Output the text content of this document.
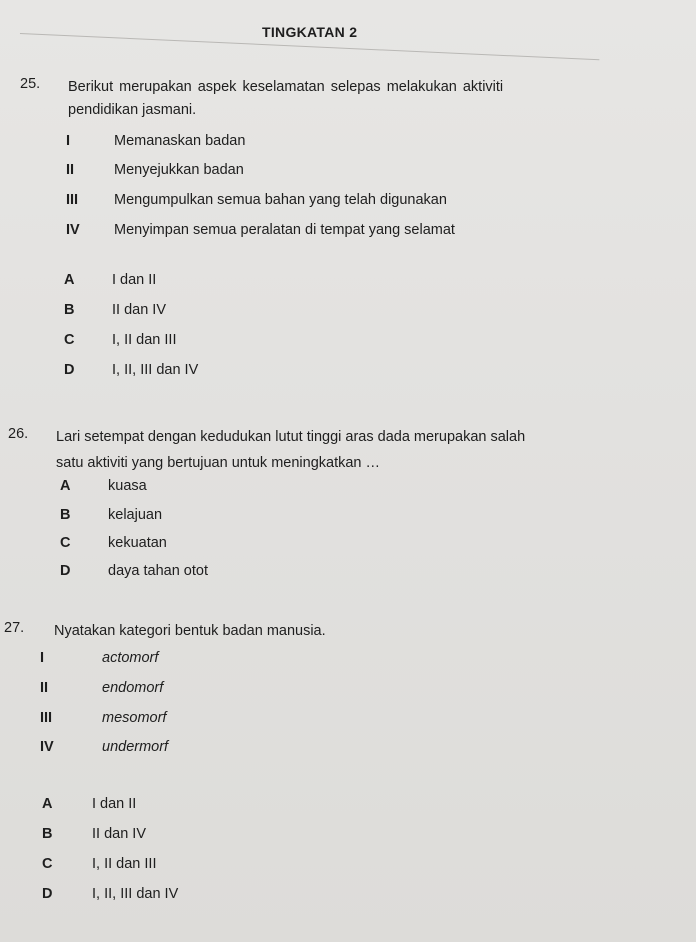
TINGKATAN 2
25. Berikut merupakan aspek keselamatan selepas melakukan aktiviti
pendidikan jasmani.
I	Memanaskan badan
II	Menyejukkan badan
III Mengumpulkan semua bahan yang telah digunakan
IV Menyimpan semua peralatan di tempat yang selamat
A	I dan II
B	II dan IV
C	I, II dan III
D	I, II, III dan IV
26. Lari setempat dengan kedudukan lutut tinggi aras dada merupakan salah
satu aktiviti yang bertujuan untuk meningkatkan …
A	kuasa
B	kelajuan
C	kekuatan
D	daya tahan otot
27. Nyatakan kategori bentuk badan manusia.
I	actomorf
II	endomorf
III	mesomorf
IV	undermorf
A	I dan II
B	II dan IV
C	I, II dan III
D	I, II, III dan IV
